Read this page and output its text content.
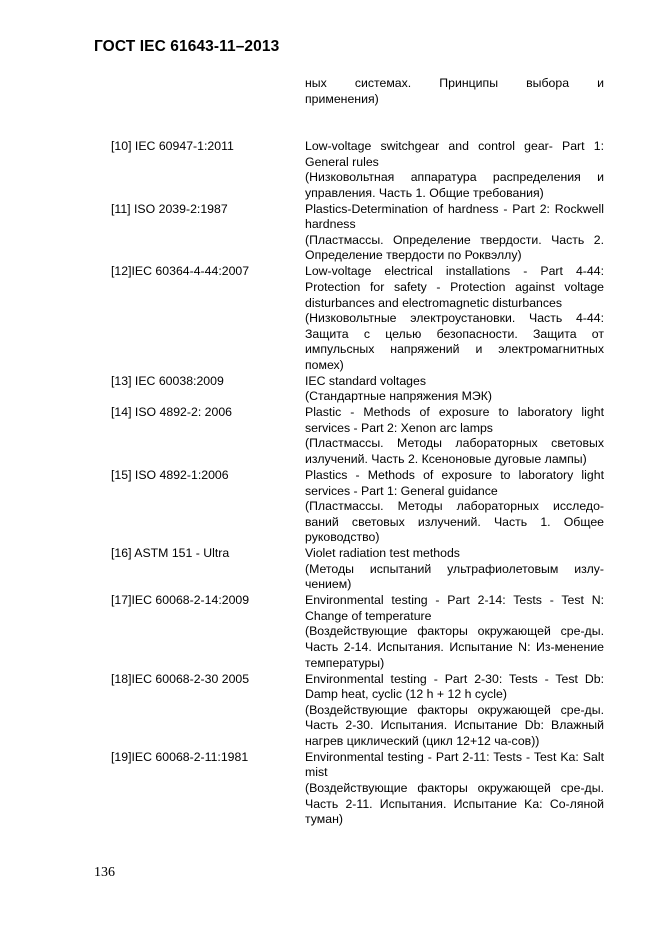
ГОСТ IEC 61643-11–2013
ных системах. Принципы выбора и
применения)
[10] IEC 60947-1:2011	Low-voltage switchgear and control gear- Part 1: General rules
(Низковольтная аппаратура распределения и управления. Часть 1. Общие требования)
[11] ISO 2039-2:1987	Plastics-Determination of hardness - Part 2: Rockwell hardness
(Пластмассы. Определение твердости. Часть 2. Определение твердости по Роквэллу)
[12]IEC 60364-4-44:2007	Low-voltage electrical installations - Part 4-44: Protection for safety - Protection against voltage disturbances and electromagnetic disturbances
(Низковольтные электроустановки. Часть 4-44: Защита с целью безопасности. Защита от импульсных напряжений и электромагнитных помех)
[13] IEC 60038:2009	IEC standard voltages
(Стандартные напряжения МЭК)
[14] ISO 4892-2: 2006	Plastic - Methods of exposure to laboratory light services - Part 2: Xenon arc lamps
(Пластмассы. Методы лабораторных световых излучений. Часть 2. Ксеноновые дуговые лампы)
[15] ISO 4892-1:2006	Plastics - Methods of exposure to laboratory light services - Part 1: General guidance
(Пластмассы. Методы лабораторных исследо-ваний световых излучений. Часть 1. Общее руководство)
[16] ASTM 151 - Ultra	Violet radiation test methods
(Методы испытаний ультрафиолетовым излу-чением)
[17]IEC 60068-2-14:2009	Environmental testing - Part 2-14: Tests - Test N: Change of temperature
(Воздействующие факторы окружающей сре-ды. Часть 2-14. Испытания. Испытание N: Из-менение температуры)
[18]IEC 60068-2-30 2005	Environmental testing - Part 2-30: Tests - Test Db: Damp heat, cyclic (12 h + 12 h cycle)
(Воздействующие факторы окружающей сре-ды. Часть 2-30. Испытания. Испытание Db: Влажный нагрев циклический (цикл 12+12 ча-сов))
[19]IEC 60068-2-11:1981	Environmental testing - Part 2-11: Tests - Test Ka: Salt mist
(Воздействующие факторы окружающей сре-ды. Часть 2-11. Испытания. Испытание Ka: Со-ляной туман)
136
